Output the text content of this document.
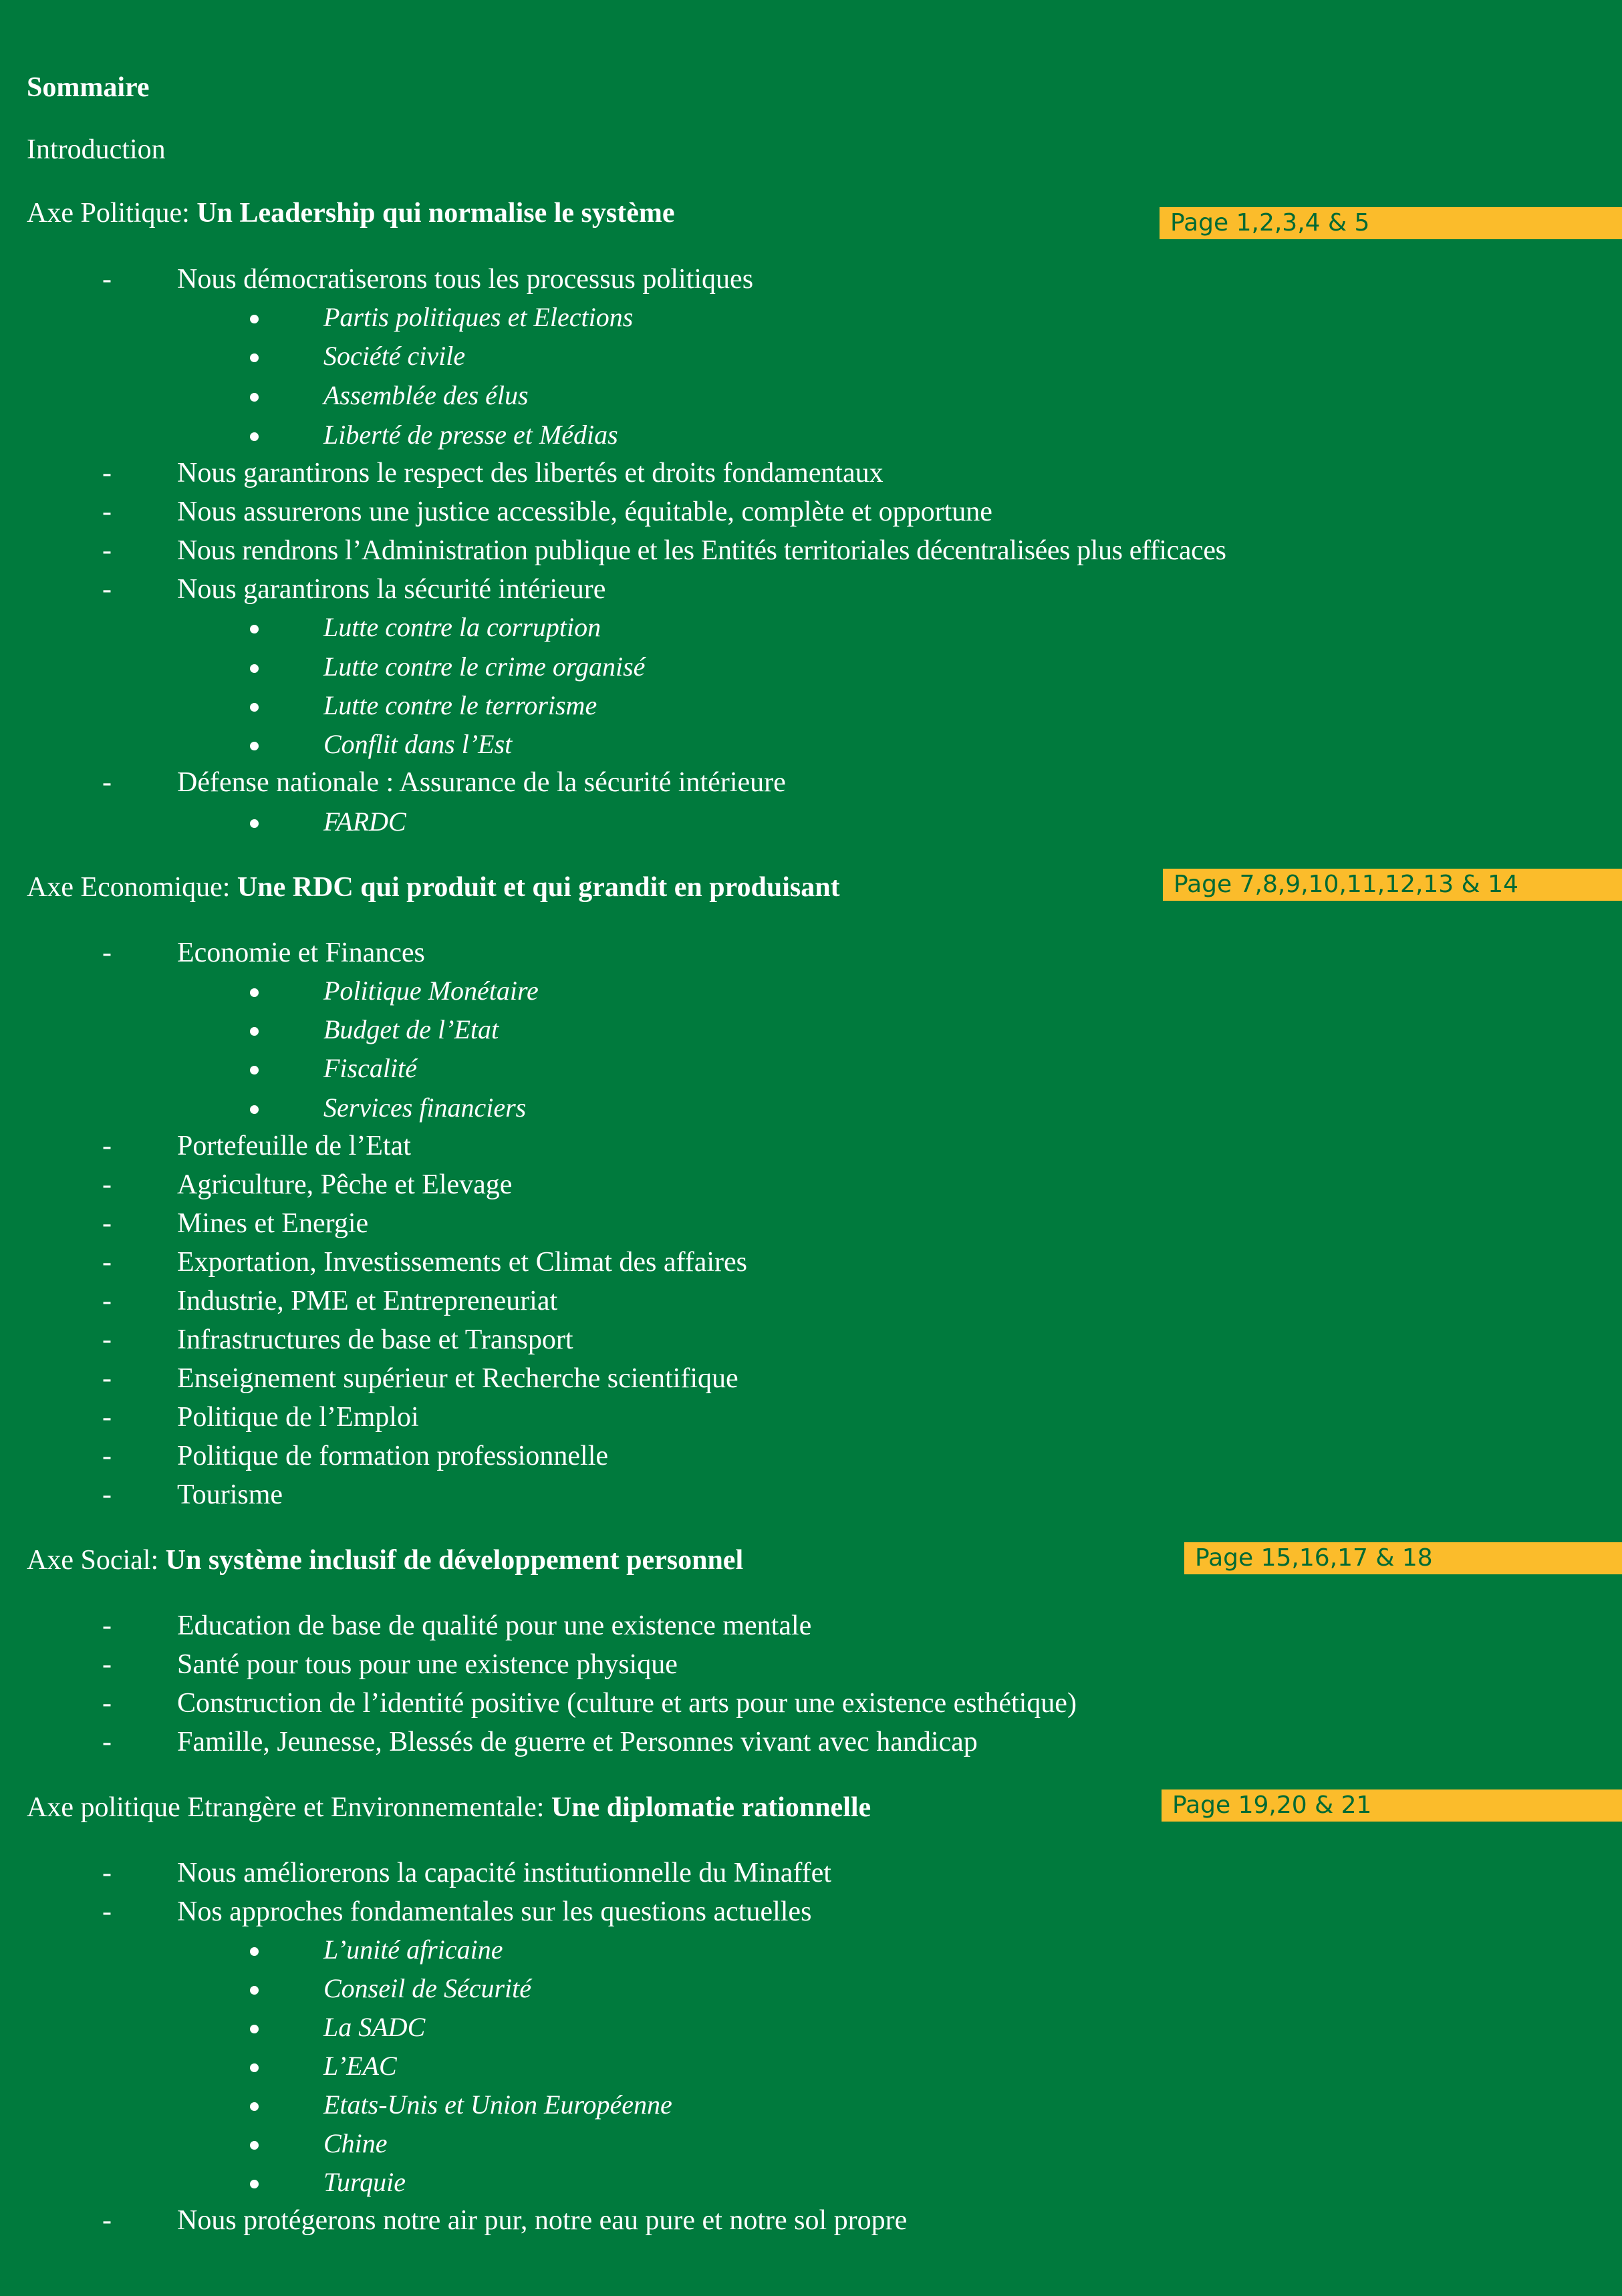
Sommaire
Introduction
Axe Politique: Un Leadership qui normalise le système	Page 1,2,3,4 & 5
- Nous démocratiserons tous les processus politiques
Partis politiques et Elections
Société civile
Assemblée des élus
Liberté de presse et Médias
- Nous garantirons le respect des libertés et droits fondamentaux
- Nous assurerons une justice accessible, équitable, complète et opportune
- Nous rendrons l’Administration publique et les Entités territoriales décentralisées plus efficaces
- Nous garantirons la sécurité intérieure
Lutte contre la corruption
Lutte contre le crime organisé
Lutte contre le terrorisme
Conflit dans l’Est
- Défense nationale : Assurance de la sécurité intérieure
FARDC
Axe Economique: Une RDC qui produit et qui grandit en produisant	Page 7,8,9,10,11,12,13 & 14
- Economie et Finances
Politique Monétaire
Budget de l’Etat
Fiscalité
Services financiers
- Portefeuille de l’Etat
- Agriculture, Pêche et Elevage
- Mines et Energie
- Exportation, Investissements et Climat des affaires
- Industrie, PME et Entrepreneuriat
- Infrastructures de base et Transport
- Enseignement supérieur et Recherche scientifique
- Politique de l’Emploi
- Politique de formation professionnelle
- Tourisme
Axe Social: Un système inclusif de développement personnel	Page 15,16,17 & 18
- Education de base de qualité pour une existence mentale
- Santé pour tous pour une existence physique
- Construction de l’identité positive (culture et arts pour une existence esthétique)
- Famille, Jeunesse, Blessés de guerre et Personnes vivant avec handicap
Axe politique Etrangère et Environnementale: Une diplomatie rationnelle	Page 19,20 & 21
- Nous améliorerons la capacité institutionnelle du Minaffet
- Nos approches fondamentales sur les questions actuelles
L’unité africaine
Conseil de Sécurité
La SADC
L’EAC
Etats-Unis et Union Européenne
Chine
Turquie
- Nous protégerons notre air pur, notre eau pure et notre sol propre
